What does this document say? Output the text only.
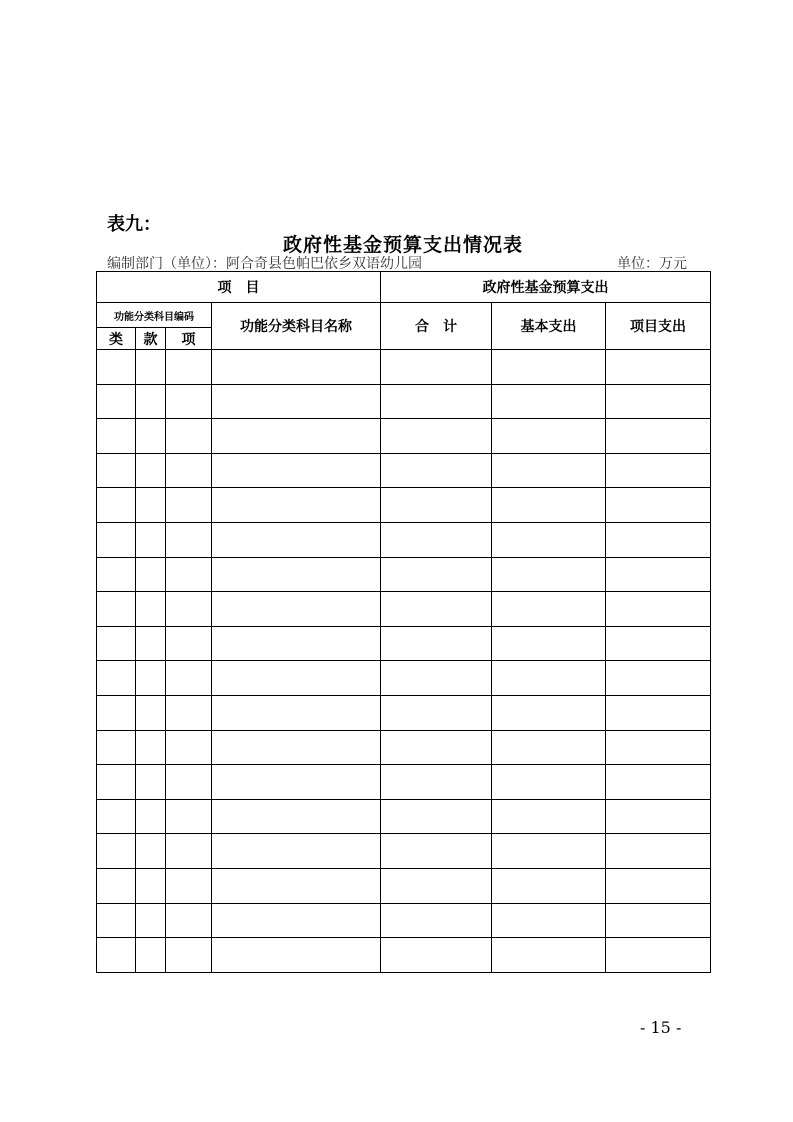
表九：
政府性基金预算支出情况表
编制部门（单位）：阿合奇县色帕巴依乡双语幼儿园	单位：万元
项　目				政府性基金预算支出		
功能分类科目编码			功能分类科目名称	合　计	基本支出	项目支出
类	款	项				

- 15 -
